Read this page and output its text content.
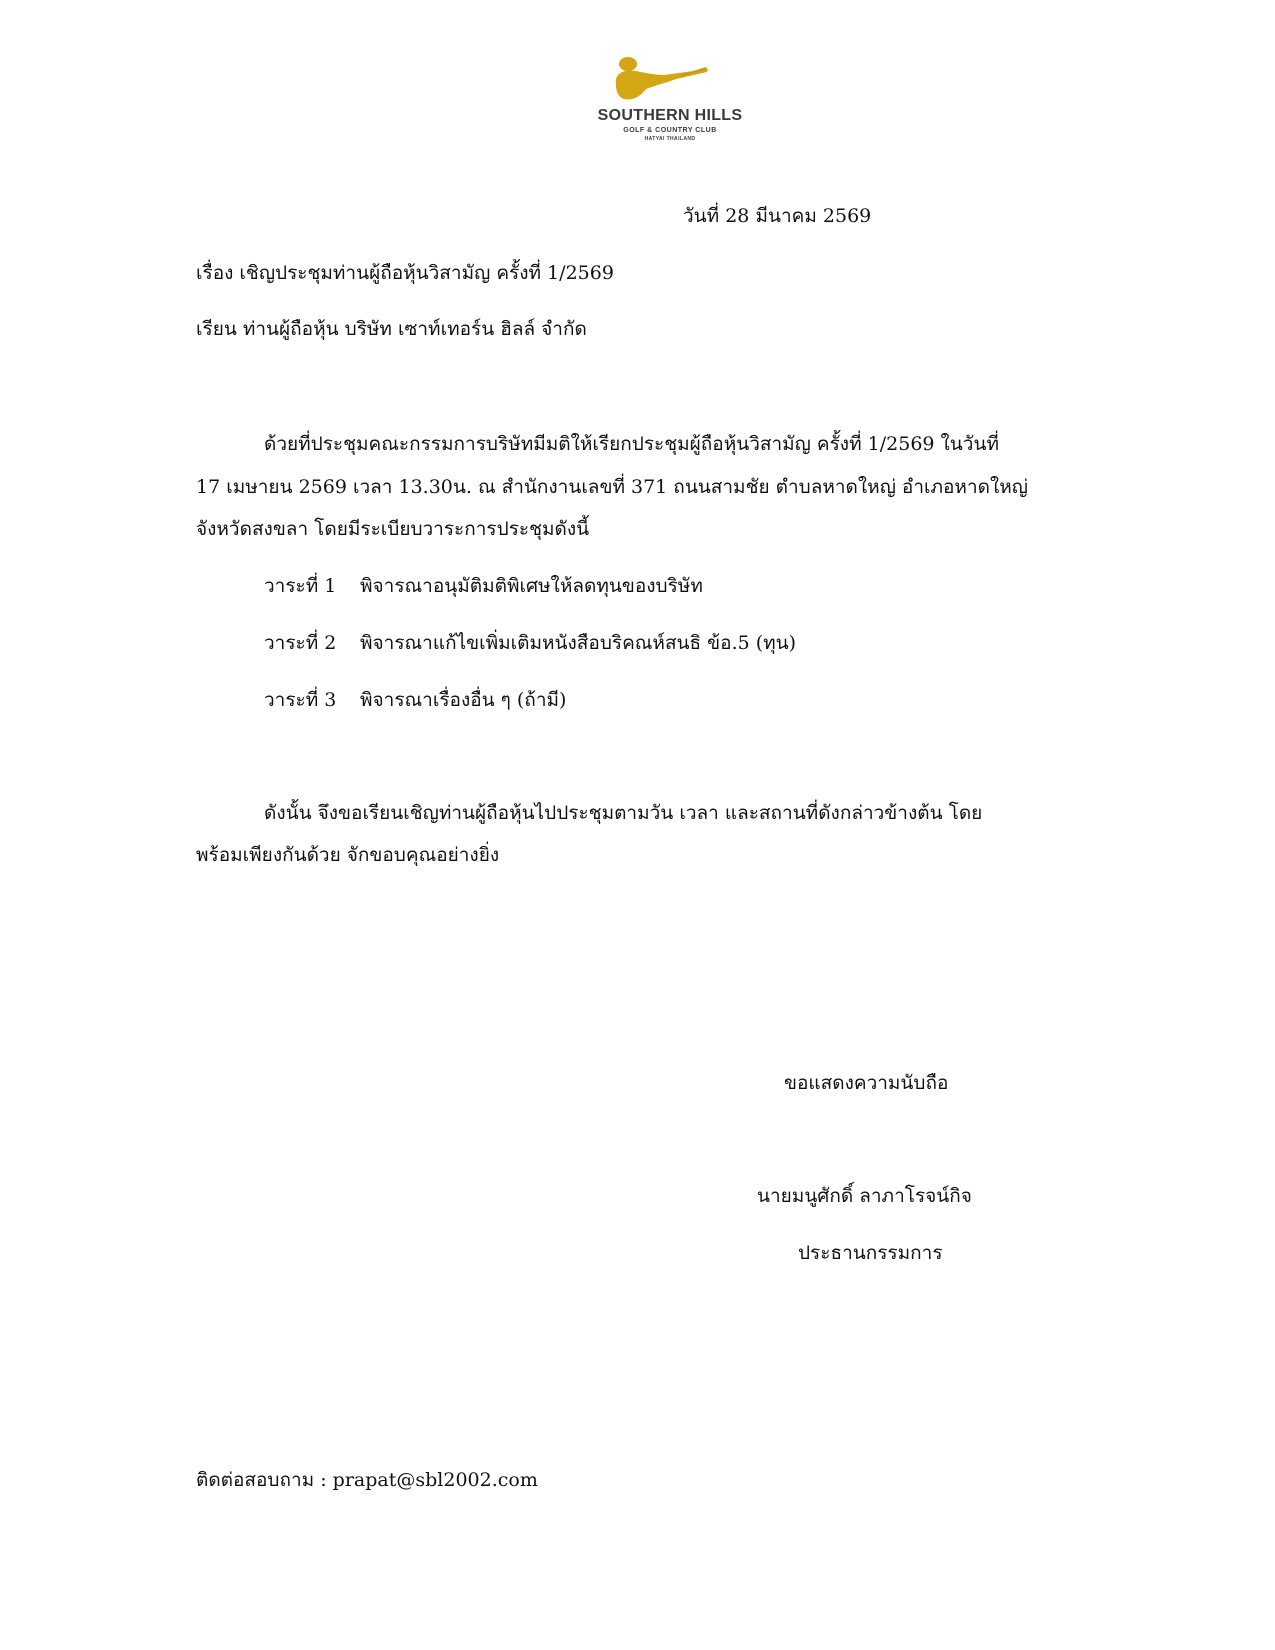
SOUTHERN HILLS
GOLF & COUNTRY CLUB
HATYAI THAILAND
วันที่ 28 มีนาคม 2569
เรื่อง เชิญประชุมท่านผู้ถือหุ้นวิสามัญ ครั้งที่ 1/2569
เรียน ท่านผู้ถือหุ้น บริษัท เซาท์เทอร์น ฮิลล์ จำกัด
ด้วยที่ประชุมคณะกรรมการบริษัทมีมติให้เรียกประชุมผู้ถือหุ้นวิสามัญ ครั้งที่ 1/2569 ในวันที่
17 เมษายน 2569 เวลา 13.30น. ณ สำนักงานเลขที่ 371 ถนนสามชัย ตำบลหาดใหญ่ อำเภอหาดใหญ่
จังหวัดสงขลา โดยมีระเบียบวาระการประชุมดังนี้
วาระที่ 1 พิจารณาอนุมัติมติพิเศษให้ลดทุนของบริษัท
วาระที่ 2 พิจารณาแก้ไขเพิ่มเติมหนังสือบริคณห์สนธิ ข้อ.5 (ทุน)
วาระที่ 3 พิจารณาเรื่องอื่น ๆ (ถ้ามี)
ดังนั้น จึงขอเรียนเชิญท่านผู้ถือหุ้นไปประชุมตามวัน เวลา และสถานที่ดังกล่าวข้างต้น โดย
พร้อมเพียงกันด้วย จักขอบคุณอย่างยิ่ง
ขอแสดงความนับถือ
นายมนูศักดิ์ ลาภาโรจน์กิจ
ประธานกรรมการ
ติดต่อสอบถาม : prapat@sbl2002.com
